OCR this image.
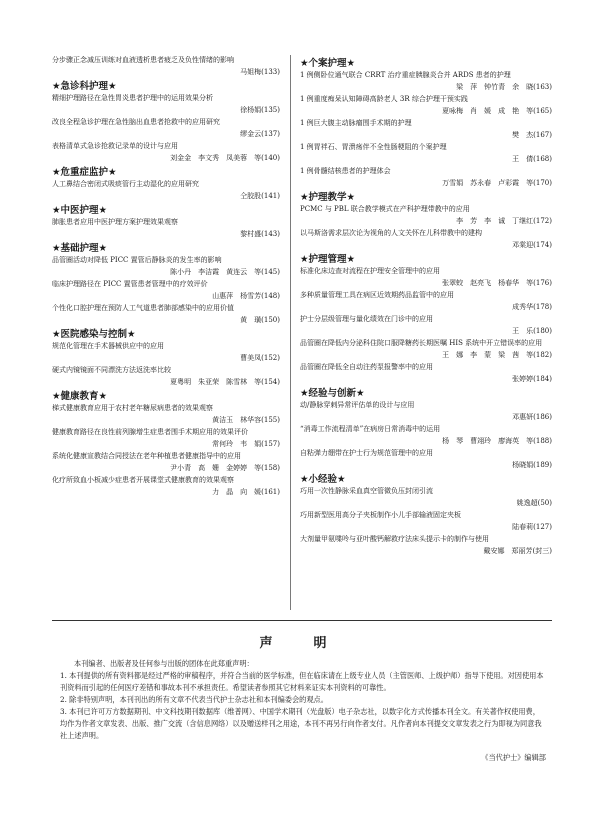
分步骤正念减压训练对血液透析患者疲乏及负性情绪的影响
马姐梅(133)
★急诊科护理★
精细护理路径在急性胃炎患者护理中的运用效果分析
徐杨娟(135)
改良全程急诊护理在急性脑出血患者抢救中的应用研究
缪金云(137)
表格清单式急诊抢救记录单的设计与应用
刘金金　李文秀　凤美蓉　等(140)
★危重症监护★
人工鼻结合密闭式吸痰管行主动湿化的应用研究
仝胶股(141)
★中医护理★
肺胀患者应用中医护理方案护理效果观察
黎村盛(143)
★基础护理★
品管圈活动对降低 PICC 置管后静脉炎的发生率的影响
陈小丹　李洁霞　黄连云　等(145)
临床护理路径在 PICC 置管患者管理中的疗效评价
山惠萍　杨雪芳(148)
个性化口腔护理在预防人工气道患者肺部感染中的应用价值
黄　璜(150)
★医院感染与控制★
规范化管理在手术器械供应中的应用
曹美凤(152)
硬式内镜镜面不同漂洗方法返洗率比较
夏粤明　朱亚荣　陈雪林　等(154)
★健康教育★
梯式健康教育应用于农村老年糖尿病患者的效果观察
黄洁玉　林华容(155)
健康教育路径在良性前列腺增生症患者围手术期应用的效果评价
常何玲　韦　娟(157)
系统化健康宣教结合同授法在老年种植患者健康指导中的应用
尹小青　高　姗　金婷婷　等(158)
化疗所致血小板减少症患者开展课堂式健康教育的效果观察
力　晶　向　媛(161)
★个案护理★
1 例侧卧位通气联合 CRRT 治疗重症胰腺炎合并 ARDS 患者的护理
梁　萍　钟竹青　余　晓(163)
1 例重度痴呆认知障碍高龄老人 3R 综合护理干预实践
夏咏梅　肖　媛　成　艳　等(165)
1 例巨大腹主动脉瘤围手术期的护理
樊　杰(167)
1 例胃袢石、胃溃疡伴不全性肠梗阻的个案护理
王　倩(168)
1 例骨髓结核患者的护理体会
万雪娟　苏永春　卢彩霞　等(170)
★护理教学★
PCMC 与 PBL 联合教学模式在产科护理带教中的应用
李　芳　李　诚　丁继红(172)
以马斯洛需求层次论为视角的人文关怀在儿科带教中的建构
邓棠迎(174)
★护理管理★
标准化床边查对流程在护理安全管理中的应用
张翠蛟　赵亮飞　杨春华　等(176)
多种质量管理工具在病区近效期药品监管中的应用
成秀华(178)
护士分层级管理与量化绩效在门诊中的应用
王　乐(180)
品管圈在降低内分泌科住院口服降糖药长期医嘱 HIS 系统中开立错误率的应用
王　娜　李　蒙　梁　茜　等(182)
品管圈在降低全自动注药泵报警率中的应用
张婷婷(184)
★经验与创新★
动/静脉穿刺异常评估单的设计与应用
邓惠妍(186)
“消毒工作流程清单”在病房日常消毒中的运用
杨　琴　曹翊玲　廖海英　等(188)
自粘弹力绷带在护士行为规范管理中的应用
杨晓娟(189)
★小经验★
巧用一次性静脉采血真空管微负压封闭引流
姚逸超(50)
巧用新型医用高分子夹板制作小儿手部输液固定夹板
陆春莉(127)
大剂量甲氨喋呤与亚叶酸钙解救疗法床头提示卡的制作与使用
戴安娜　郑丽芳(封三)
声　明

本刊编者、出版者及任何参与出版的团体在此郑重声明：

1. 本刊提供的所有资料都是经过严格的审稿程序，并符合当前的医学标准，但在临床请在上级专业人员（主管医师、上级护师）指导下使用。对因使用本刊资料而引起的任何医疗差错和事故本刊不承担责任。希望读者参照其它材料来证实本刊资料的可靠性。

2. 除非特别声明，本刊刊出的所有文章不代表当代护士杂志社和本刊编委会的观点。

3. 本刊已许可万方数据期刊、中文科技期刊数据库（维普网）、中国学术期刊（光盘版）电子杂志社，以数字化方式传播本刊全文。有关著作权使用费，均作为作者文章发表、出版、推广交流（含信息网络）以及赠送样刊之用途，本刊不再另行向作者支付。凡作者向本刊提交文章发表之行为即视为同意我社上述声明。

《当代护士》编辑部
